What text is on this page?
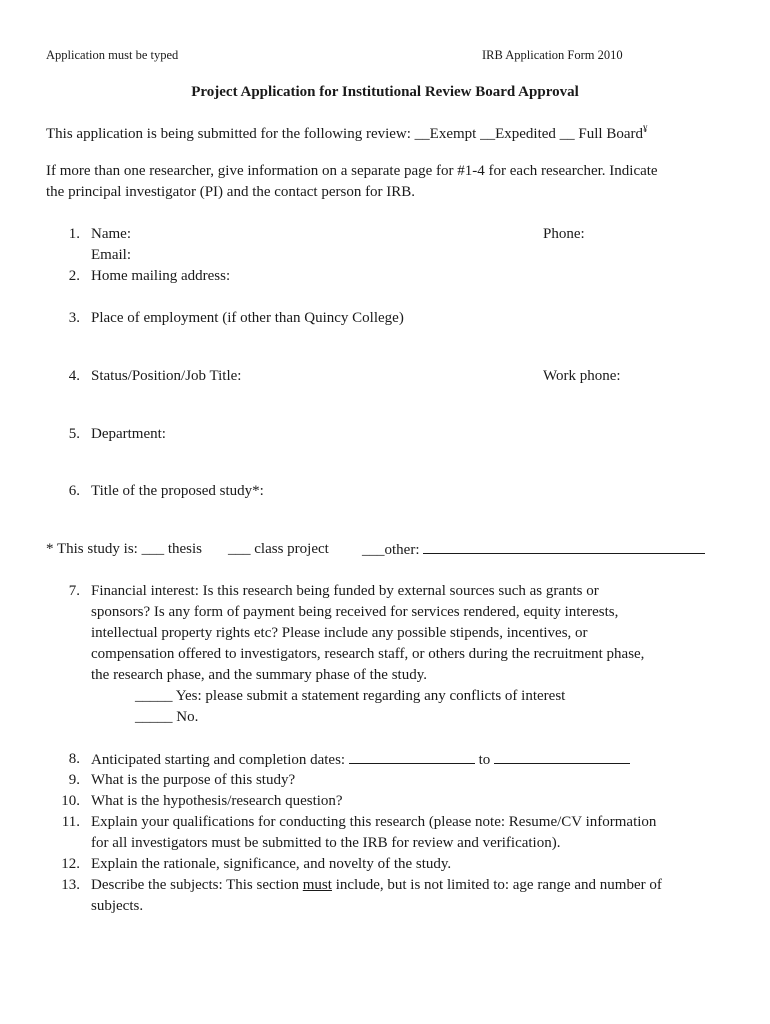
Application must be typed	IRB Application Form 2010
Project Application for Institutional Review Board Approval
This application is being submitted for the following review: __Exempt __Expedited __ Full Board¥
If more than one researcher, give information on a separate page for #1-4 for each researcher. Indicate
the principal investigator (PI) and the contact person for IRB.
1. Name:	Phone:
Email:
2. Home mailing address:
3. Place of employment (if other than Quincy College)
4. Status/Position/Job Title:	Work phone:
5. Department:
6. Title of the proposed study*:
* This study is: ___ thesis ___ class project ___other:
7. Financial interest: Is this research being funded by external sources such as grants or
sponsors? Is any form of payment being received for services rendered, equity interests,
intellectual property rights etc? Please include any possible stipends, incentives, or
compensation offered to investigators, research staff, or others during the recruitment phase,
the research phase, and the summary phase of the study.
_____ Yes: please submit a statement regarding any conflicts of interest
_____ No.
8. Anticipated starting and completion dates:	to
9. What is the purpose of this study?
10. What is the hypothesis/research question?
11. Explain your qualifications for conducting this research (please note: Resume/CV information
for all investigators must be submitted to the IRB for review and verification).
12. Explain the rationale, significance, and novelty of the study.
13. Describe the subjects: This section must include, but is not limited to: age range and number of
subjects.
